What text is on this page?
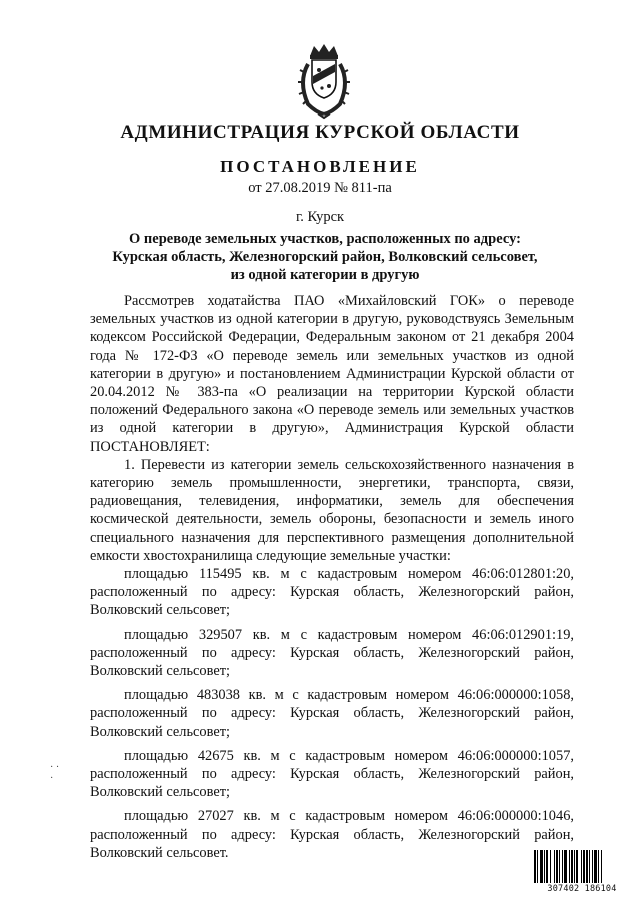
АДМИНИСТРАЦИЯ КУРСКОЙ ОБЛАСТИ
ПОСТАНОВЛЕНИЕ
от 27.08.2019 № 811-па
г. Курск
О переводе земельных участков, расположенных по адресу:
Курская область, Железногорский район, Волковский сельсовет,
из одной категории в другую

Рассмотрев ходатайства ПАО «Михайловский ГОК» о переводе земельных участков из одной категории в другую, руководствуясь Земельным кодексом Российской Федерации, Федеральным законом от 21 декабря 2004 года № 172-ФЗ «О переводе земель или земельных участков из одной категории в другую» и постановлением Администрации Курской области от 20.04.2012 № 383-па «О реализации на территории Курской области положений Федерального закона «О переводе земель или земельных участков из одной категории в другую», Администрация Курской области ПОСТАНОВЛЯЕТ:

1. Перевести из категории земель сельскохозяйственного назначения в категорию земель промышленности, энергетики, транспорта, связи, радиовещания, телевидения, информатики, земель для обеспечения космической деятельности, земель обороны, безопасности и земель иного специального назначения для перспективного размещения дополнительной емкости хвостохранилища следующие земельные участки:

площадью 115495 кв. м с кадастровым номером 46:06:012801:20, расположенный по адресу: Курская область, Железногорский район, Волковский сельсовет;
площадью 329507 кв. м с кадастровым номером 46:06:012901:19, расположенный по адресу: Курская область, Железногорский район, Волковский сельсовет;
площадью 483038 кв. м с кадастровым номером 46:06:000000:1058, расположенный по адресу: Курская область, Железногорский район, Волковский сельсовет;
площадью 42675 кв. м с кадастровым номером 46:06:000000:1057, расположенный по адресу: Курская область, Железногорский район, Волковский сельсовет;
площадью 27027 кв. м с кадастровым номером 46:06:000000:1046, расположенный по адресу: Курская область, Железногорский район, Волковский сельсовет.
· ·
·
307402 186104
